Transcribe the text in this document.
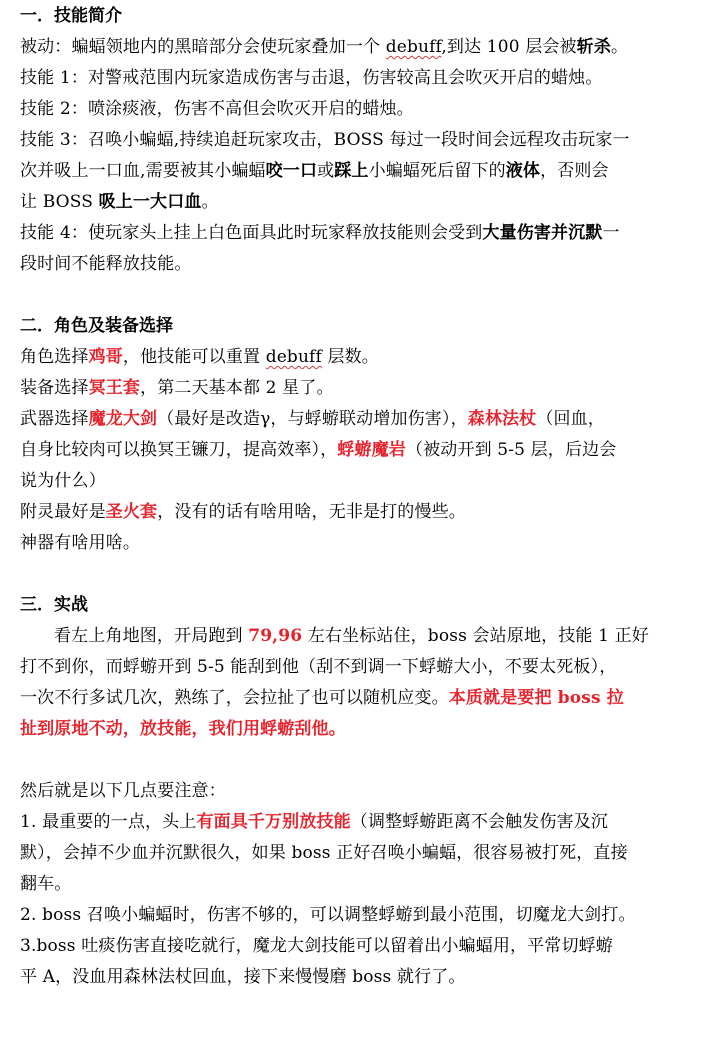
一．技能简介
被动：蝙蝠领地内的黑暗部分会使玩家叠加一个 debuff,到达 100 层会被斩杀。
技能 1：对警戒范围内玩家造成伤害与击退，伤害较高且会吹灭开启的蜡烛。
技能 2：喷涂痰液，伤害不高但会吹灭开启的蜡烛。
技能 3：召唤小蝙蝠,持续追赶玩家攻击，BOSS 每过一段时间会远程攻击玩家一
次并吸上一口血,需要被其小蝙蝠咬一口或踩上小蝙蝠死后留下的液体，否则会
让 BOSS 吸上一大口血。
技能 4：使玩家头上挂上白色面具此时玩家释放技能则会受到大量伤害并沉默一
段时间不能释放技能。
二．角色及装备选择
角色选择鸡哥，他技能可以重置 debuff 层数。
装备选择冥王套，第二天基本都 2 星了。
武器选择魔龙大剑（最好是改造γ，与蜉蝣联动增加伤害），森林法杖（回血，
自身比较肉可以换冥王镰刀，提高效率），蜉蝣魔岩（被动开到 5-5 层，后边会
说为什么）
附灵最好是圣火套，没有的话有啥用啥，无非是打的慢些。
神器有啥用啥。
三．实战
看左上角地图，开局跑到 79,96 左右坐标站住，boss 会站原地，技能 1 正好
打不到你，而蜉蝣开到 5-5 能刮到他（刮不到调一下蜉蝣大小，不要太死板），
一次不行多试几次，熟练了，会拉扯了也可以随机应变。本质就是要把 boss 拉
扯到原地不动，放技能，我们用蜉蝣刮他。
然后就是以下几点要注意：
1. 最重要的一点，头上有面具千万别放技能（调整蜉蝣距离不会触发伤害及沉
默），会掉不少血并沉默很久，如果 boss 正好召唤小蝙蝠，很容易被打死，直接
翻车。
2. boss 召唤小蝙蝠时，伤害不够的，可以调整蜉蝣到最小范围，切魔龙大剑打。
3.boss 吐痰伤害直接吃就行，魔龙大剑技能可以留着出小蝙蝠用，平常切蜉蝣
平 A，没血用森林法杖回血，接下来慢慢磨 boss 就行了。
